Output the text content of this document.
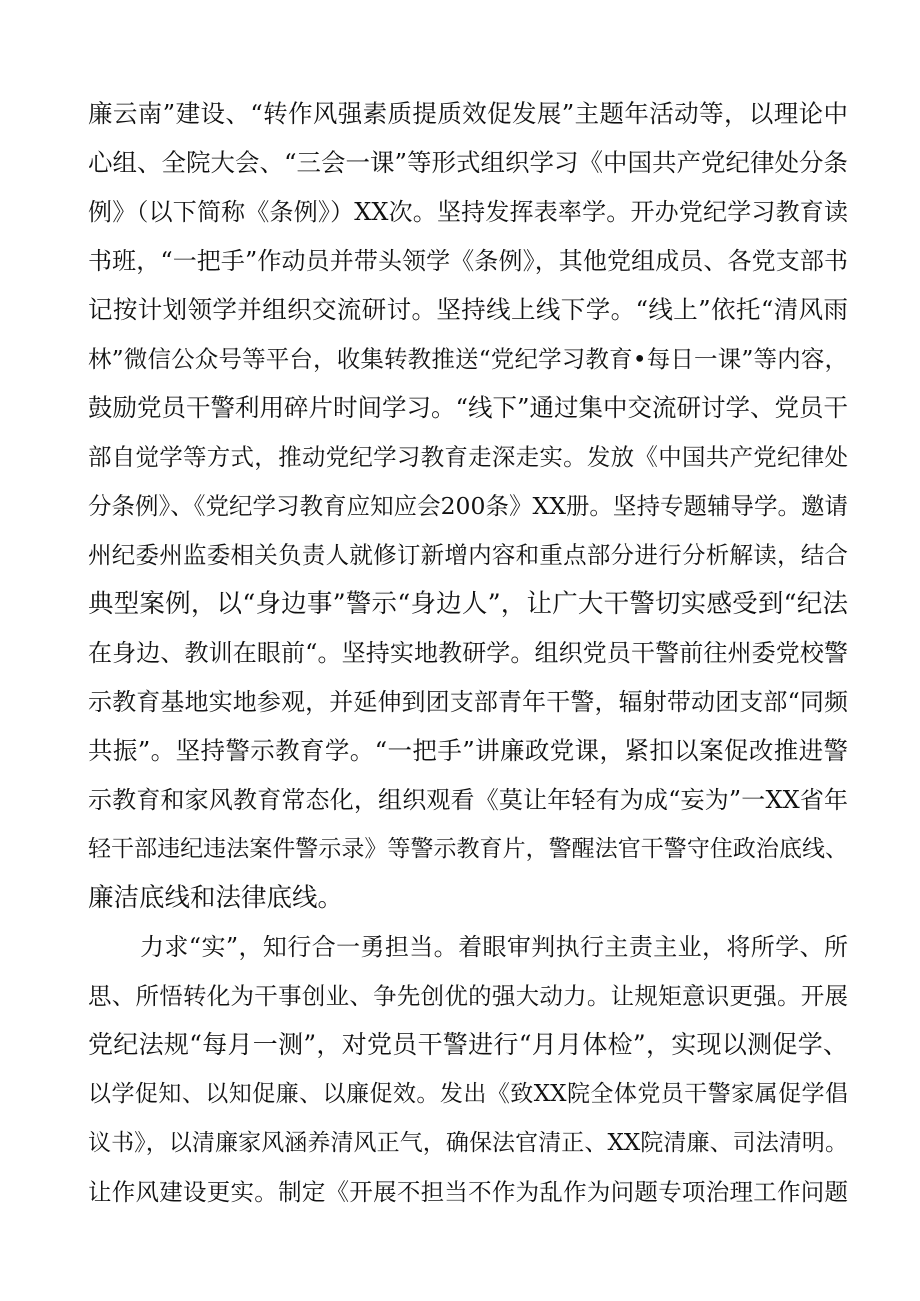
廉云南”建设、“转作风强素质提质效促发展”主题年活动等，以理论中
心组、全院大会、“三会一课”等形式组织学习《中国共产党纪律处分条
例》（以下简称《条例》）XX次。坚持发挥表率学。开办党纪学习教育读
书班，“一把手”作动员并带头领学《条例》，其他党组成员、各党支部书
记按计划领学并组织交流研讨。坚持线上线下学。“线上”依托“清风雨
林”微信公众号等平台，收集转教推送“党纪学习教育•每日一课”等内容，
鼓励党员干警利用碎片时间学习。“线下”通过集中交流研讨学、党员干
部自觉学等方式，推动党纪学习教育走深走实。发放《中国共产党纪律处
分条例》、《党纪学习教育应知应会200条》XX册。坚持专题辅导学。邀请
州纪委州监委相关负责人就修订新增内容和重点部分进行分析解读，结合
典型案例，以“身边事”警示“身边人”，让广大干警切实感受到“纪法
在身边、教训在眼前“。坚持实地教研学。组织党员干警前往州委党校警
示教育基地实地参观，并延伸到团支部青年干警，辐射带动团支部“同频
共振”。坚持警示教育学。“一把手”讲廉政党课，紧扣以案促改推进警
示教育和家风教育常态化，组织观看《莫让年轻有为成“妄为”一XX省年
轻干部违纪违法案件警示录》等警示教育片，警醒法官干警守住政治底线、
廉洁底线和法律底线。
力求“实”，知行合一勇担当。着眼审判执行主责主业，将所学、所
思、所悟转化为干事创业、争先创优的强大动力。让规矩意识更强。开展
党纪法规“每月一测”，对党员干警进行“月月体检”，实现以测促学、
以学促知、以知促廉、以廉促效。发出《致XX院全体党员干警家属促学倡
议书》，以清廉家风涵养清风正气，确保法官清正、XX院清廉、司法清明。
让作风建设更实。制定《开展不担当不作为乱作为问题专项治理工作问题
